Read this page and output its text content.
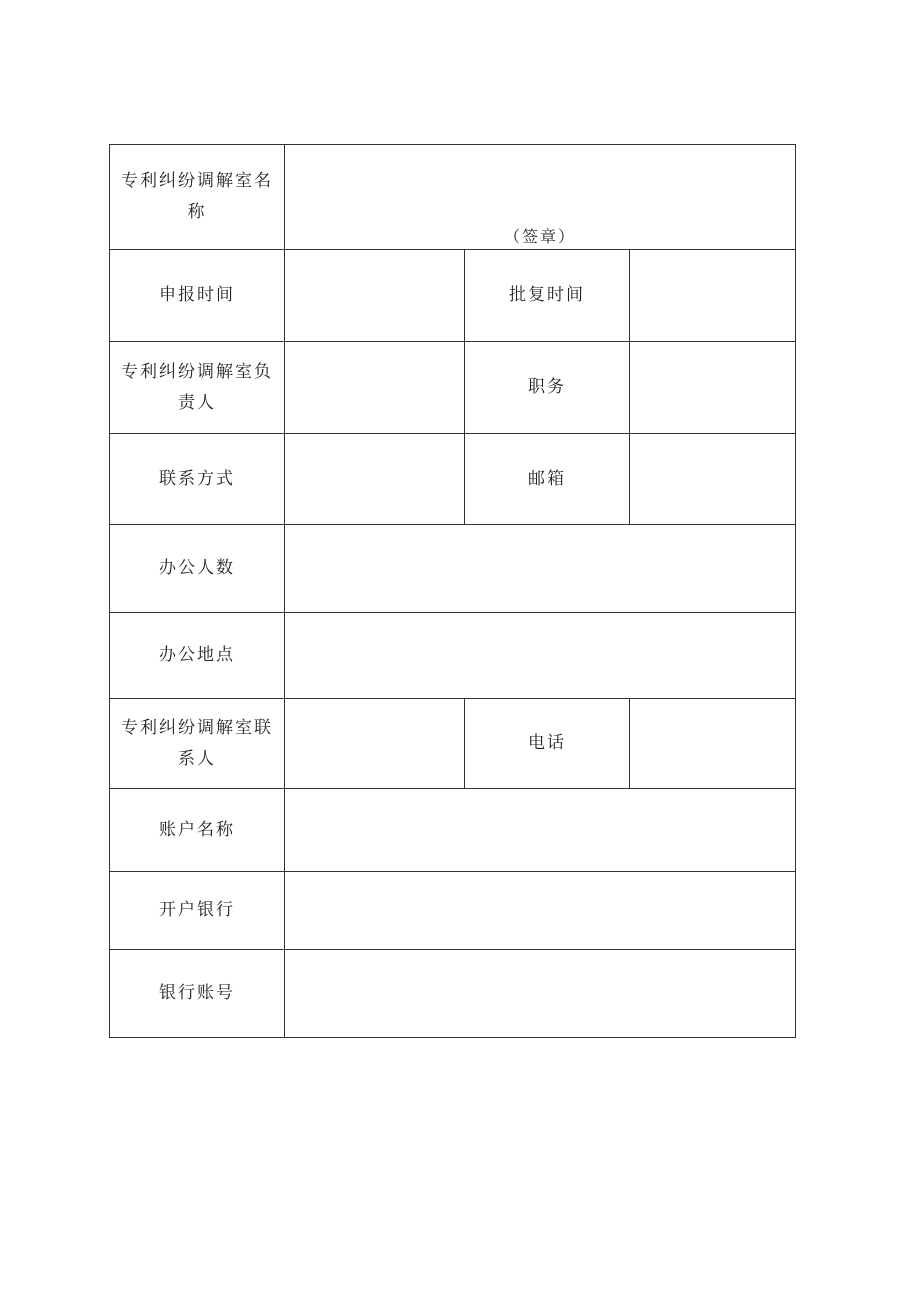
专利纠纷调解室名称	（签章）		

申报时间		批复时间	
专利纠纷调解室负责人		职务	
联系方式		邮箱	
办公人数			
办公地点			
专利纠纷调解室联系人		电话	
账户名称			
开户银行			
银行账号			
